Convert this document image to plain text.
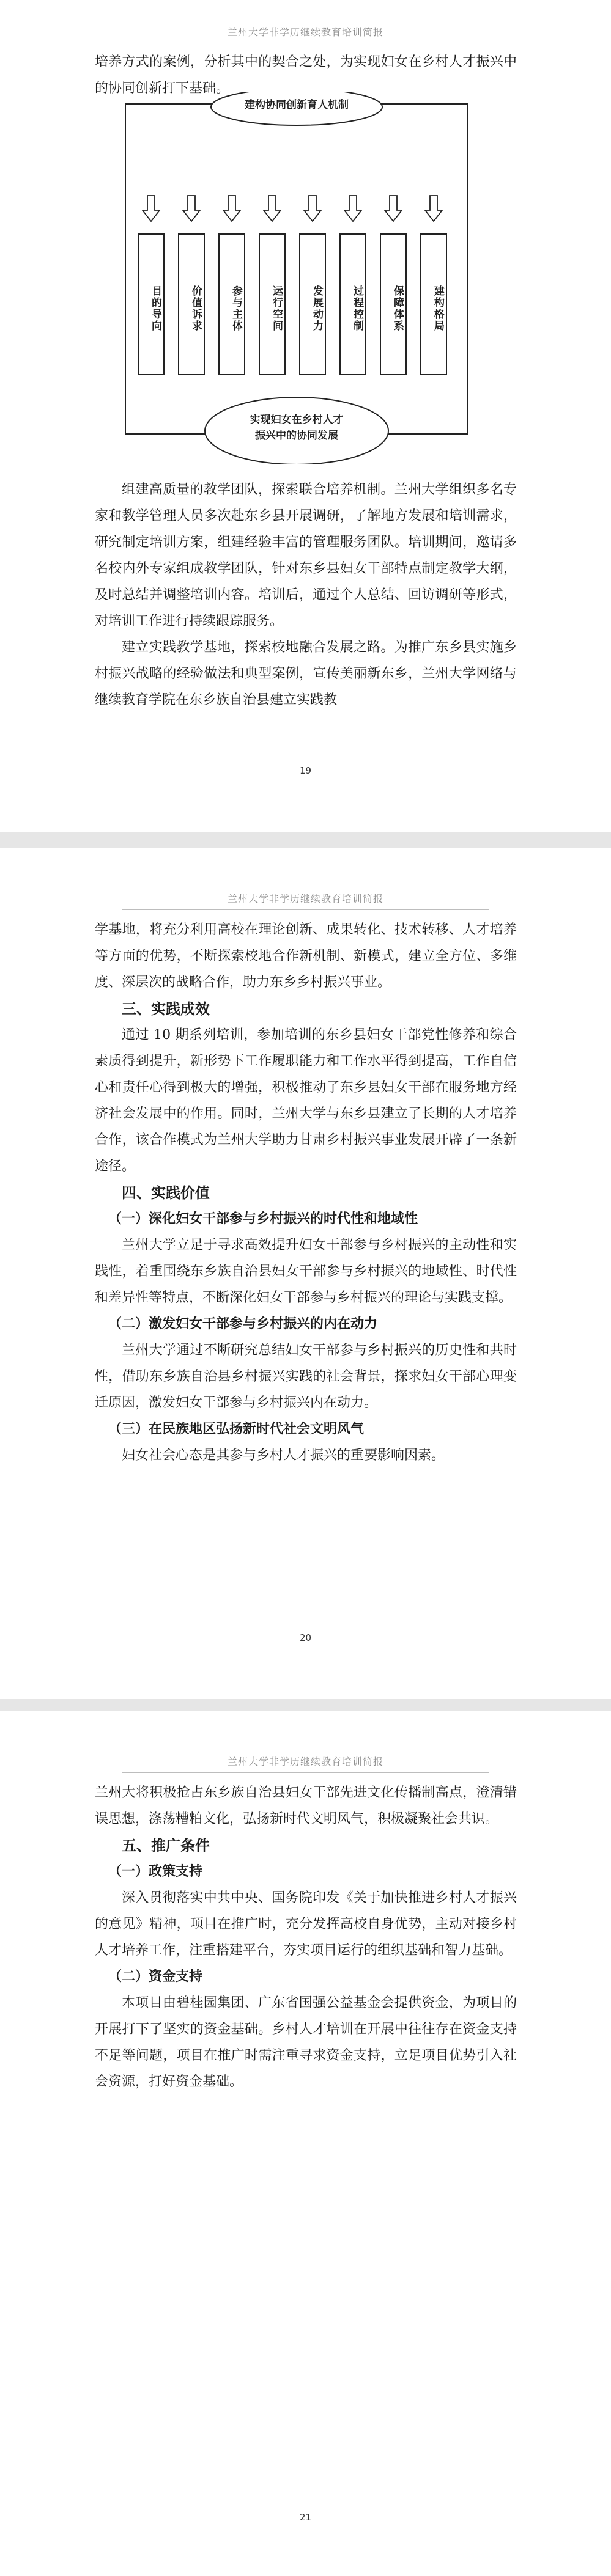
兰州大学非学历继续教育培训简报

培养方式的案例，分析其中的契合之处，为实现妇女在乡村人才振兴中的协同创新打下基础。

建构协同创新育人机制
目的导向	价值诉求	参与主体	运行空间	发展动力	过程控制	保障体系	建构格局
实现妇女在乡村人才
振兴中的协同发展

组建高质量的教学团队，探索联合培养机制。兰州大学组织多名专家和教学管理人员多次赴东乡县开展调研，了解地方发展和培训需求，研究制定培训方案，组建经验丰富的管理服务团队。培训期间，邀请多名校内外专家组成教学团队，针对东乡县妇女干部特点制定教学大纲，及时总结并调整培训内容。培训后，通过个人总结、回访调研等形式，对培训工作进行持续跟踪服务。

建立实践教学基地，探索校地融合发展之路。为推广东乡县实施乡村振兴战略的经验做法和典型案例，宣传美丽新东乡，兰州大学网络与继续教育学院在东乡族自治县建立实践教

19
兰州大学非学历继续教育培训简报

学基地，将充分利用高校在理论创新、成果转化、技术转移、人才培养等方面的优势，不断探索校地合作新机制、新模式，建立全方位、多维度、深层次的战略合作，助力东乡乡村振兴事业。

三、实践成效

通过 10 期系列培训，参加培训的东乡县妇女干部党性修养和综合素质得到提升，新形势下工作履职能力和工作水平得到提高，工作自信心和责任心得到极大的增强，积极推动了东乡县妇女干部在服务地方经济社会发展中的作用。同时，兰州大学与东乡县建立了长期的人才培养合作，该合作模式为兰州大学助力甘肃乡村振兴事业发展开辟了一条新途径。

四、实践价值

（一）深化妇女干部参与乡村振兴的时代性和地域性

兰州大学立足于寻求高效提升妇女干部参与乡村振兴的主动性和实践性，着重围绕东乡族自治县妇女干部参与乡村振兴的地域性、时代性和差异性等特点，不断深化妇女干部参与乡村振兴的理论与实践支撑。

（二）激发妇女干部参与乡村振兴的内在动力

兰州大学通过不断研究总结妇女干部参与乡村振兴的历史性和共时性，借助东乡族自治县乡村振兴实践的社会背景，探求妇女干部心理变迁原因，激发妇女干部参与乡村振兴内在动力。

（三）在民族地区弘扬新时代社会文明风气

妇女社会心态是其参与乡村人才振兴的重要影响因素。

20
兰州大学非学历继续教育培训简报

兰州大将积极抢占东乡族自治县妇女干部先进文化传播制高点，澄清错误思想，涤荡糟粕文化，弘扬新时代文明风气，积极凝聚社会共识。

五、推广条件

（一）政策支持

深入贯彻落实中共中央、国务院印发《关于加快推进乡村人才振兴的意见》精神，项目在推广时，充分发挥高校自身优势，主动对接乡村人才培养工作，注重搭建平台，夯实项目运行的组织基础和智力基础。

（二）资金支持

本项目由碧桂园集团、广东省国强公益基金会提供资金，为项目的开展打下了坚实的资金基础。乡村人才培训在开展中往往存在资金支持不足等问题，项目在推广时需注重寻求资金支持，立足项目优势引入社会资源，打好资金基础。

21
